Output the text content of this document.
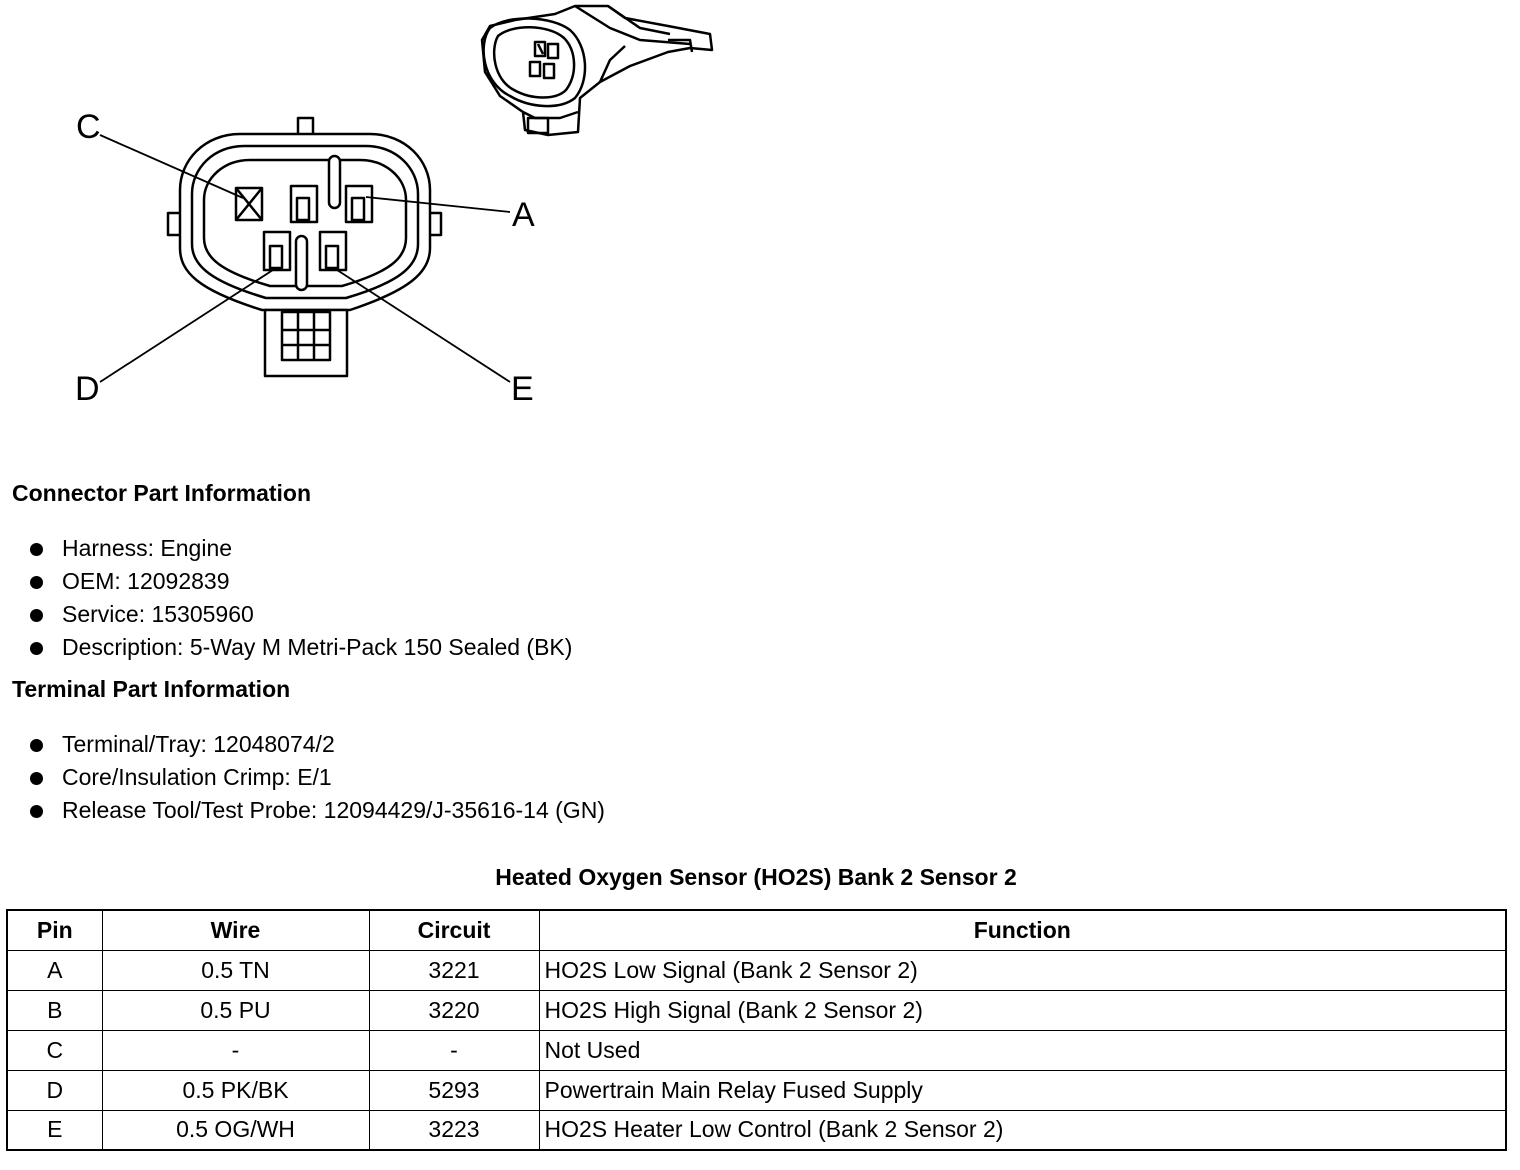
A
C
D	E
Connector Part Information
Harness: Engine
OEM: 12092839
Service: 15305960
Description: 5-Way M Metri-Pack 150 Sealed (BK)
Terminal Part Information
Terminal/Tray: 12048074/2
Core/Insulation Crimp: E/1
Release Tool/Test Probe: 12094429/J-35616-14 (GN)
Heated Oxygen Sensor (HO2S) Bank 2 Sensor 2
Pin	Wire	Circuit	Function
A	0.5 TN	3221	HO2S Low Signal (Bank 2 Sensor 2)
B	0.5 PU	3220	HO2S High Signal (Bank 2 Sensor 2)
C	-	-	Not Used
D	0.5 PK/BK	5293	Powertrain Main Relay Fused Supply
E	0.5 OG/WH	3223	HO2S Heater Low Control (Bank 2 Sensor 2)
